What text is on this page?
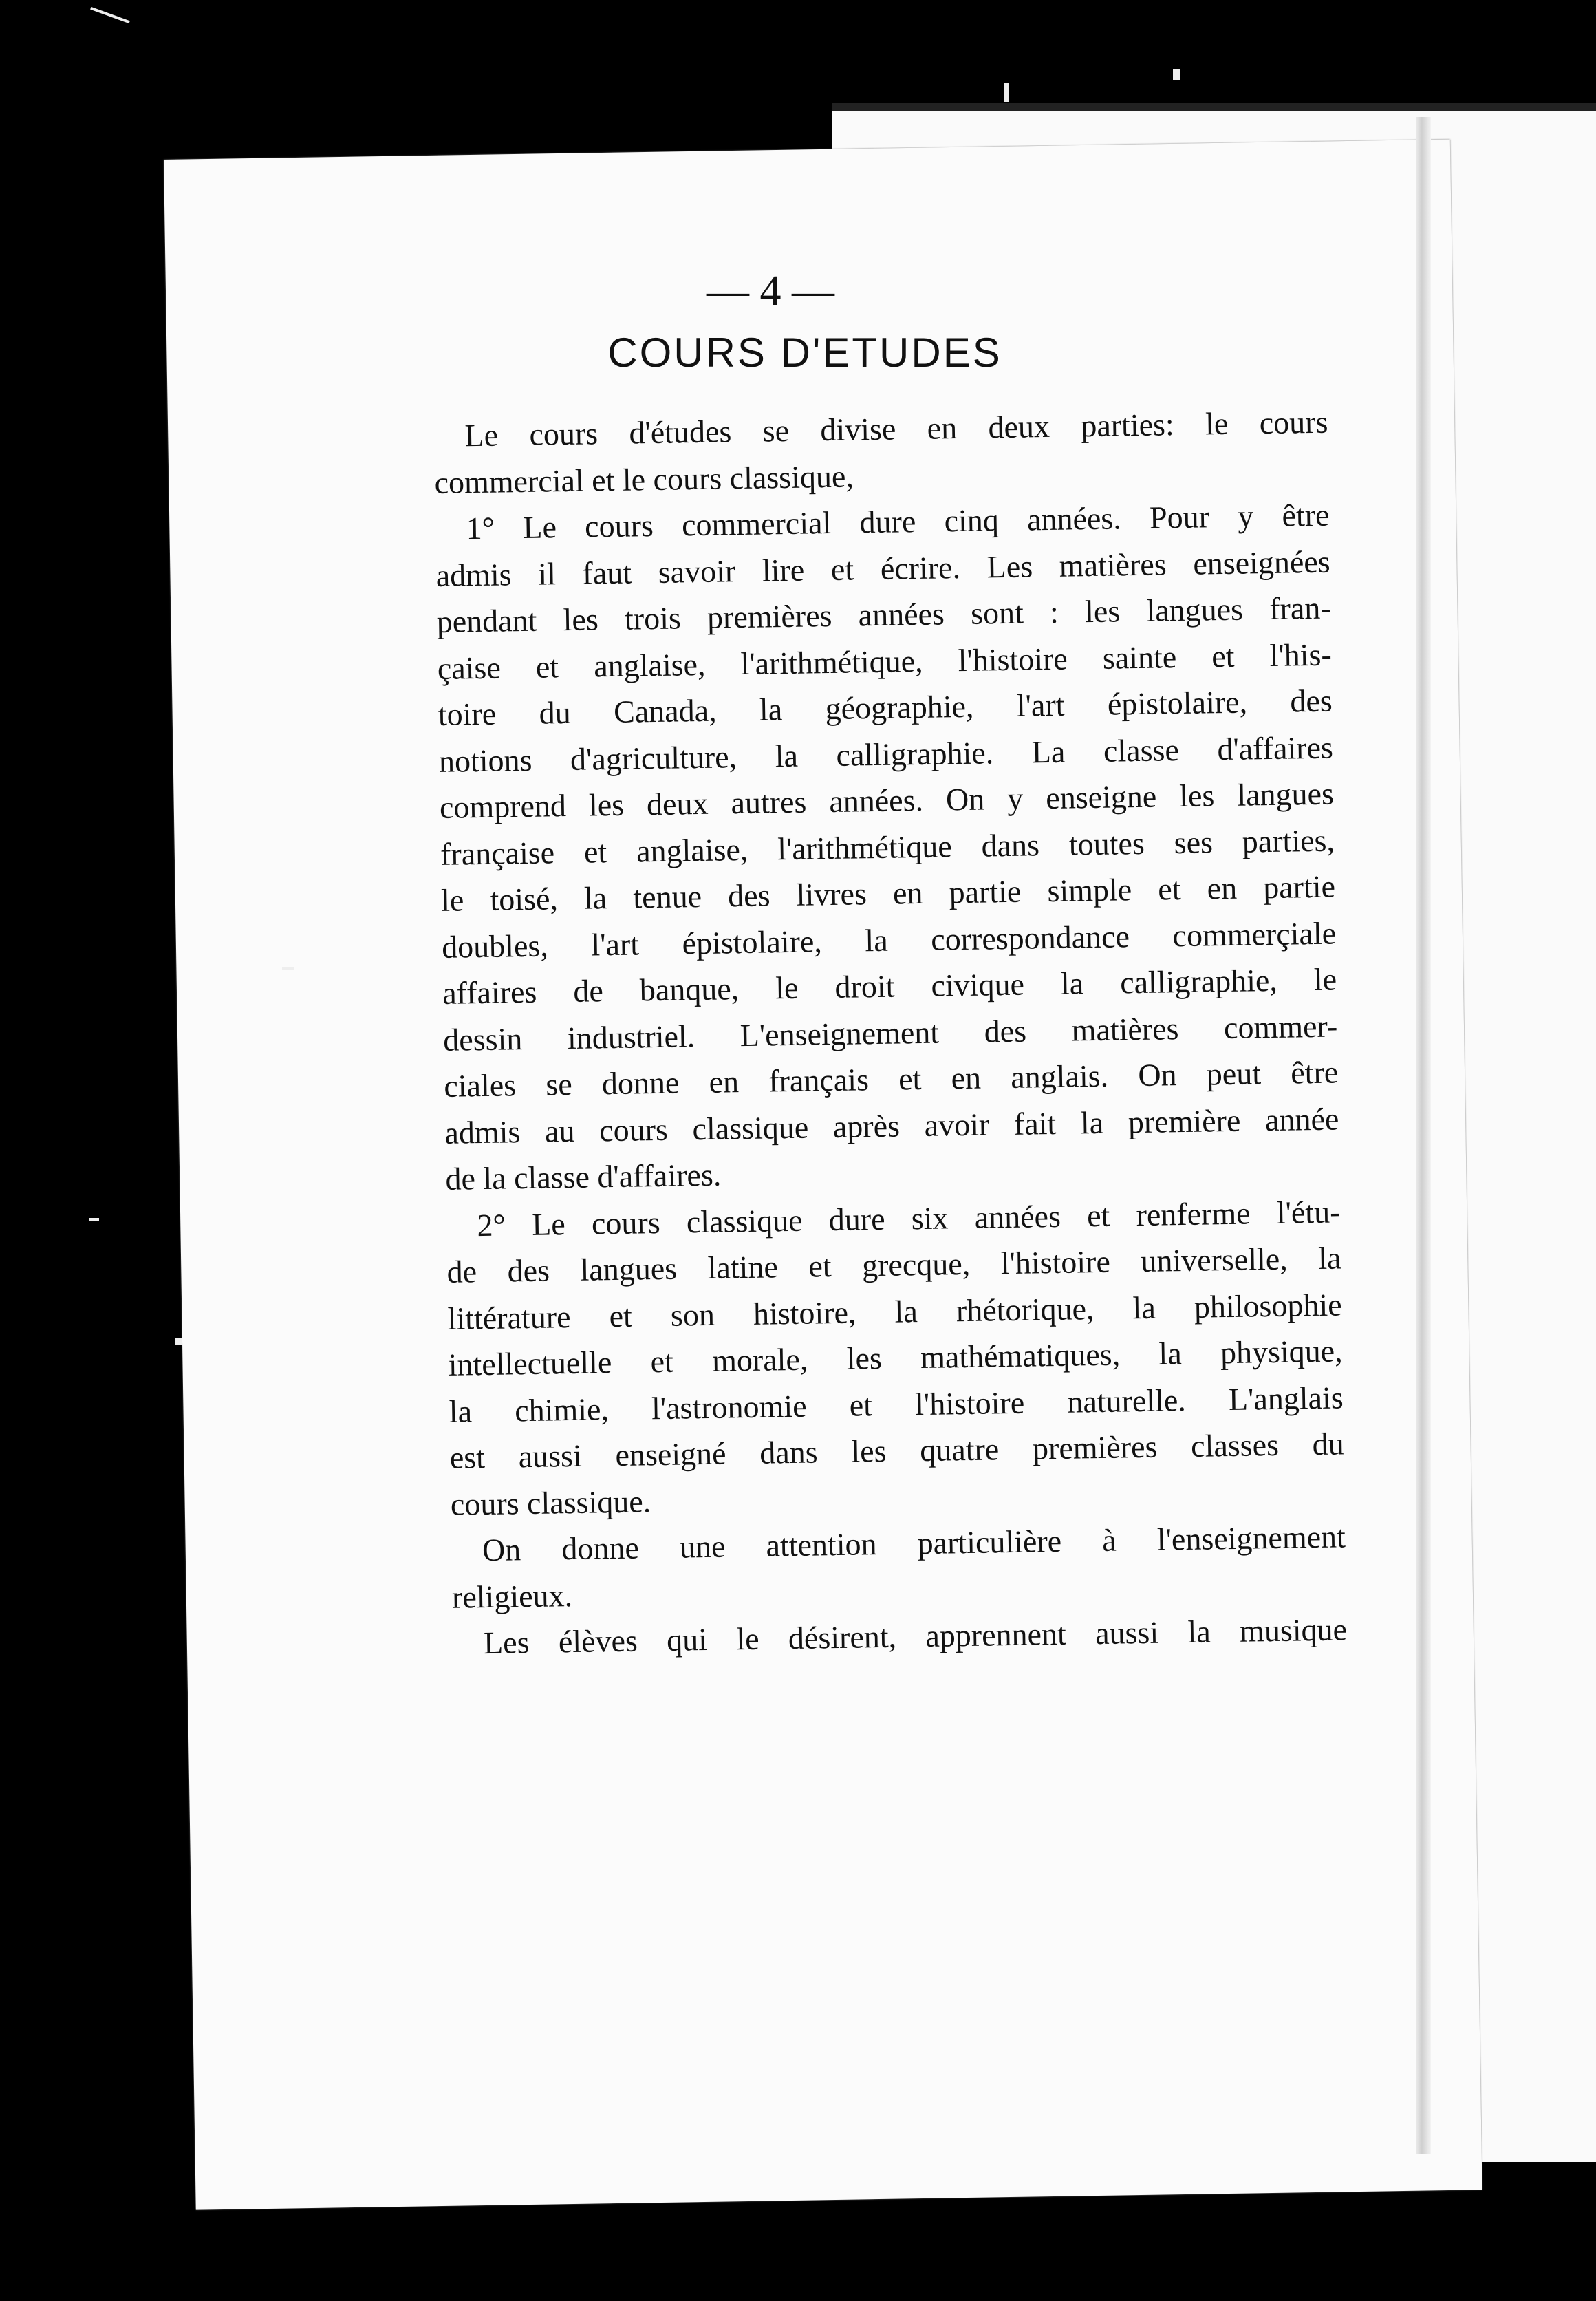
— 4 —
COURS D'ETUDES

Le cours d'études se divise en deux parties: le cours

commercial et le cours classique,

1° Le cours commercial dure cinq années. Pour y être

admis il faut savoir lire et écrire. Les matières enseignées

pendant les trois premières années sont : les langues fran-

çaise et anglaise, l'arithmétique, l'histoire sainte et l'his-

toire du Canada, la géographie, l'art épistolaire, des

notions d'agriculture, la calligraphie. La classe d'affaires

comprend les deux autres années. On y enseigne les langues

française et anglaise, l'arithmétique dans toutes ses parties,

le toisé, la tenue des livres en partie simple et en partie

doubles, l'art épistolaire, la correspondance commerçiale

affaires de banque, le droit civique la calligraphie, le

dessin industriel. L'enseignement des matières commer-

ciales se donne en français et en anglais. On peut être

admis au cours classique après avoir fait la première année

de la classe d'affaires.

2° Le cours classique dure six années et renferme l'étu-

de des langues latine et grecque, l'histoire universelle, la

littérature et son histoire, la rhétorique, la philosophie

intellectuelle et morale, les mathématiques, la physique,

la chimie, l'astronomie et l'histoire naturelle. L'anglais

est aussi enseigné dans les quatre premières classes du

cours classique.

On donne une attention particulière à l'enseignement

religieux.

Les élèves qui le désirent, apprennent aussi la musique
